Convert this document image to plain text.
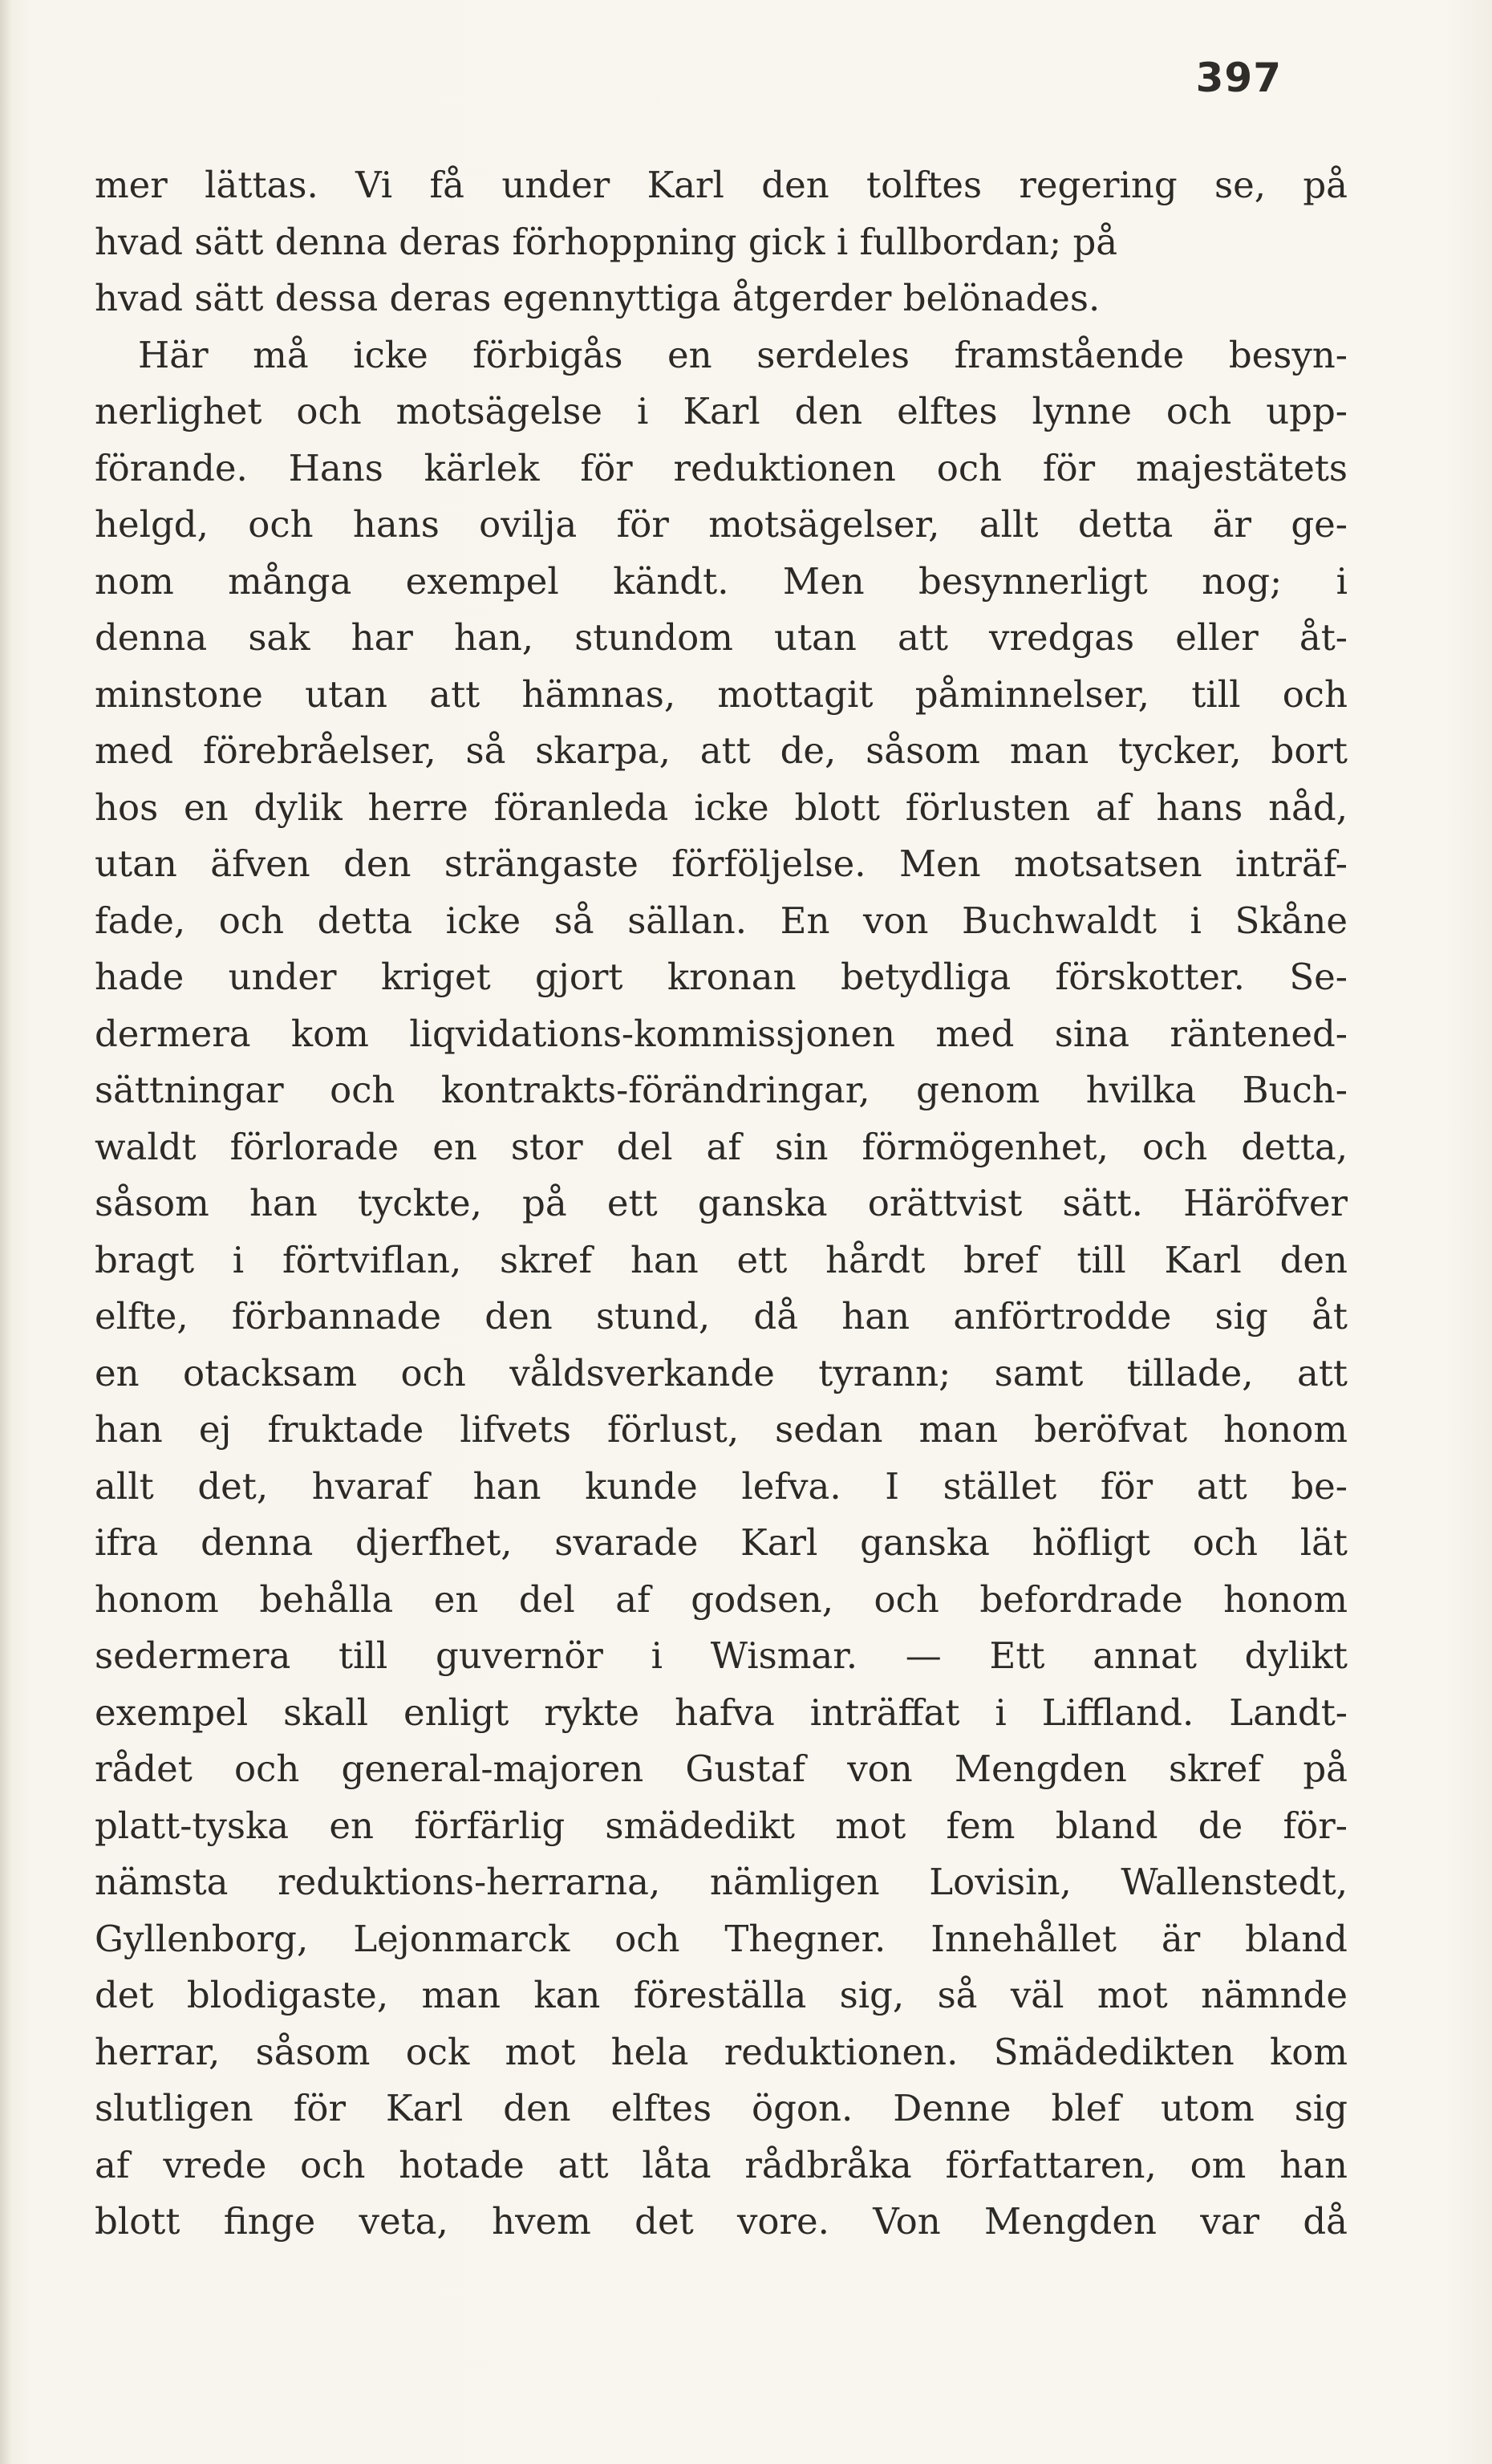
397
mer lättas. Vi få under Karl den tolftes regering se, på
hvad sätt denna deras förhoppning gick i fullbordan; på
hvad sätt dessa deras egennyttiga åtgerder belönades.
Här må icke förbigås en serdeles framstående besyn-
nerlighet och motsägelse i Karl den elftes lynne och upp-
förande. Hans kärlek för reduktionen och för majestätets
helgd, och hans ovilja för motsägelser, allt detta är ge-
nom många exempel kändt. Men besynnerligt nog; i
denna sak har han, stundom utan att vredgas eller åt-
minstone utan att hämnas, mottagit påminnelser, till och
med förebråelser, så skarpa, att de, såsom man tycker, bort
hos en dylik herre föranleda icke blott förlusten af hans nåd,
utan äfven den strängaste förföljelse. Men motsatsen inträf-
fade, och detta icke så sällan. En von Buchwaldt i Skåne
hade under kriget gjort kronan betydliga förskotter. Se-
dermera kom liqvidations-kommissjonen med sina räntened-
sättningar och kontrakts-förändringar, genom hvilka Buch-
waldt förlorade en stor del af sin förmögenhet, och detta,
såsom han tyckte, på ett ganska orättvist sätt. Häröfver
bragt i förtviflan, skref han ett hårdt bref till Karl den
elfte, förbannade den stund, då han anförtrodde sig åt
en otacksam och våldsverkande tyrann; samt tillade, att
han ej fruktade lifvets förlust, sedan man beröfvat honom
allt det, hvaraf han kunde lefva. I stället för att be-
ifra denna djerfhet, svarade Karl ganska höfligt och lät
honom behålla en del af godsen, och befordrade honom
sedermera till guvernör i Wismar. — Ett annat dylikt
exempel skall enligt rykte hafva inträffat i Liffland. Landt-
rådet och general-majoren Gustaf von Mengden skref på
platt-tyska en förfärlig smädedikt mot fem bland de för-
nämsta reduktions-herrarna, nämligen Lovisin, Wallenstedt,
Gyllenborg, Lejonmarck och Thegner. Innehållet är bland
det blodigaste, man kan föreställa sig, så väl mot nämnde
herrar, såsom ock mot hela reduktionen. Smädedikten kom
slutligen för Karl den elftes ögon. Denne blef utom sig
af vrede och hotade att låta rådbråka författaren, om han
blott finge veta, hvem det vore. Von Mengden var då
